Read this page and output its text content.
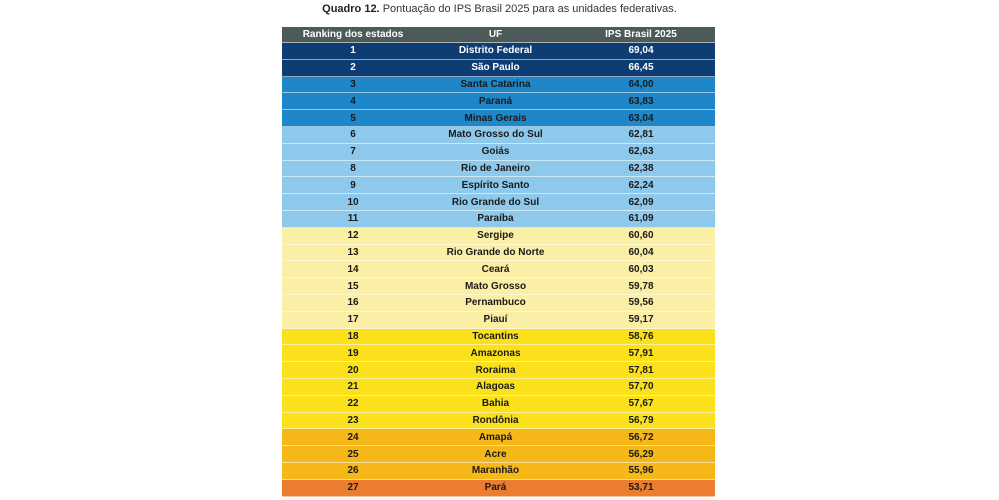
Quadro 12. Pontuação do IPS Brasil 2025 para as unidades federativas.
Ranking dos estados	UF	IPS Brasil 2025
1	Distrito Federal	69,04
2	São Paulo	66,45
3	Santa Catarina	64,00
4	Paraná	63,83
5	Minas Gerais	63,04
6	Mato Grosso do Sul	62,81
7	Goiás	62,63
8	Rio de Janeiro	62,38
9	Espírito Santo	62,24
10	Rio Grande do Sul	62,09
11	Paraíba	61,09
12	Sergipe	60,60
13	Rio Grande do Norte	60,04
14	Ceará	60,03
15	Mato Grosso	59,78
16	Pernambuco	59,56
17	Piauí	59,17
18	Tocantins	58,76
19	Amazonas	57,91
20	Roraima	57,81
21	Alagoas	57,70
22	Bahia	57,67
23	Rondônia	56,79
24	Amapá	56,72
25	Acre	56,29
26	Maranhão	55,96
27	Pará	53,71
